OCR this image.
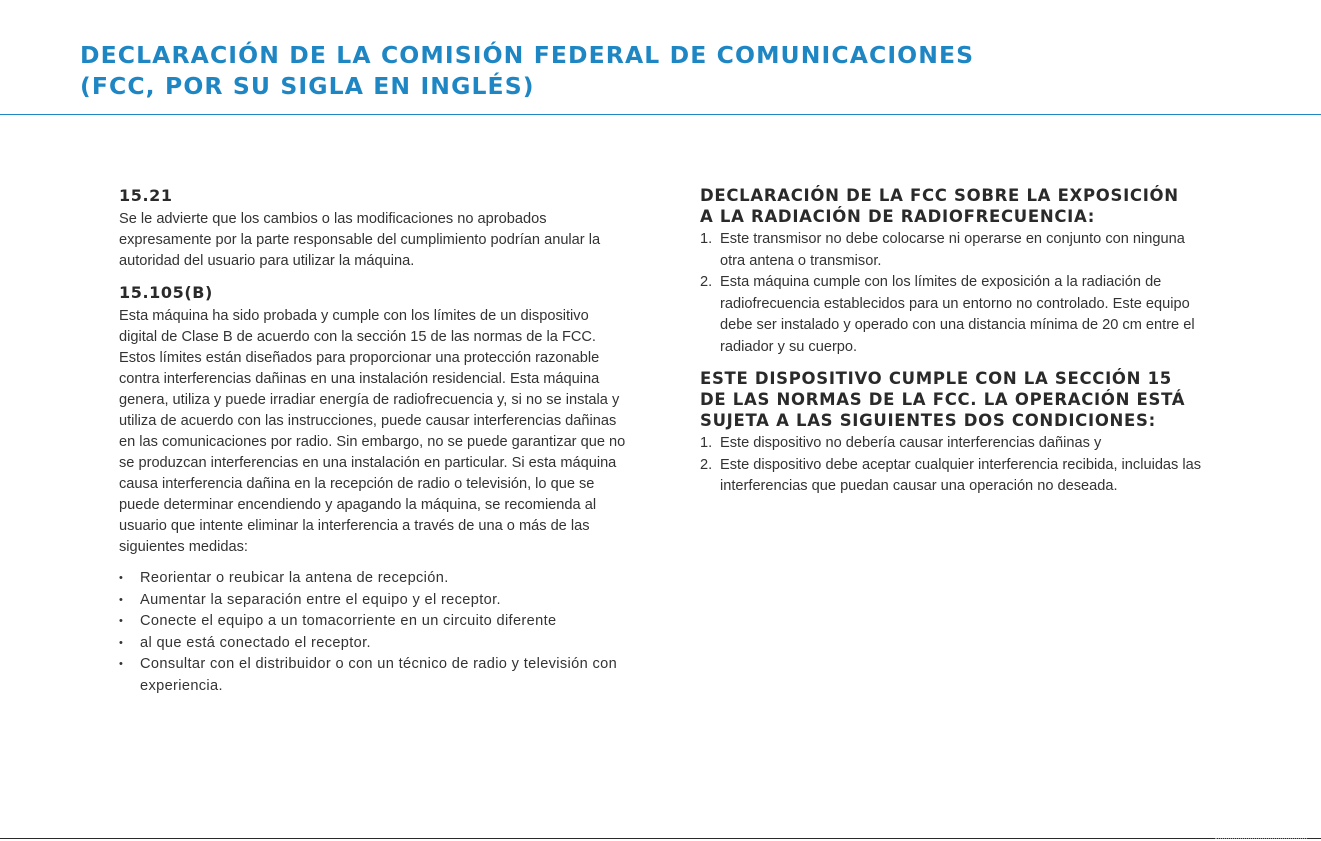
DECLARACIÓN DE LA COMISIÓN FEDERAL DE COMUNICACIONES
(FCC, POR SU SIGLA EN INGLÉS)
15.21

Se le advierte que los cambios o las modificaciones no aprobados
expresamente por la parte responsable del cumplimiento podrían anular la
autoridad del usuario para utilizar la máquina.

15.105(B)

Esta máquina ha sido probada y cumple con los límites de un dispositivo
digital de Clase B de acuerdo con la sección 15 de las normas de la FCC.
Estos límites están diseñados para proporcionar una protección razonable
contra interferencias dañinas en una instalación residencial. Esta máquina
genera, utiliza y puede irradiar energía de radiofrecuencia y, si no se instala y
utiliza de acuerdo con las instrucciones, puede causar interferencias dañinas
en las comunicaciones por radio. Sin embargo, no se puede garantizar que no
se produzcan interferencias en una instalación en particular. Si esta máquina
causa interferencia dañina en la recepción de radio o televisión, lo que se
puede determinar encendiendo y apagando la máquina, se recomienda al
usuario que intente eliminar la interferencia a través de una o más de las
siguientes medidas:

• Reorientar o reubicar la antena de recepción.
• Aumentar la separación entre el equipo y el receptor.
• Conecte el equipo a un tomacorriente en un circuito diferente
• al que está conectado el receptor.
• Consultar con el distribuidor o con un técnico de radio y televisión con
experiencia.
DECLARACIÓN DE LA FCC SOBRE LA EXPOSICIÓN
A LA RADIACIÓN DE RADIOFRECUENCIA:
1. Este transmisor no debe colocarse ni operarse en conjunto con ninguna
otra antena o transmisor.
2. Esta máquina cumple con los límites de exposición a la radiación de
radiofrecuencia establecidos para un entorno no controlado. Este equipo
debe ser instalado y operado con una distancia mínima de 20 cm entre el
radiador y su cuerpo.
ESTE DISPOSITIVO CUMPLE CON LA SECCIÓN 15
DE LAS NORMAS DE LA FCC. LA OPERACIÓN ESTÁ
SUJETA A LAS SIGUIENTES DOS CONDICIONES:
1. Este dispositivo no debería causar interferencias dañinas y
2. Este dispositivo debe aceptar cualquier interferencia recibida, incluidas las
interferencias que puedan causar una operación no deseada.
